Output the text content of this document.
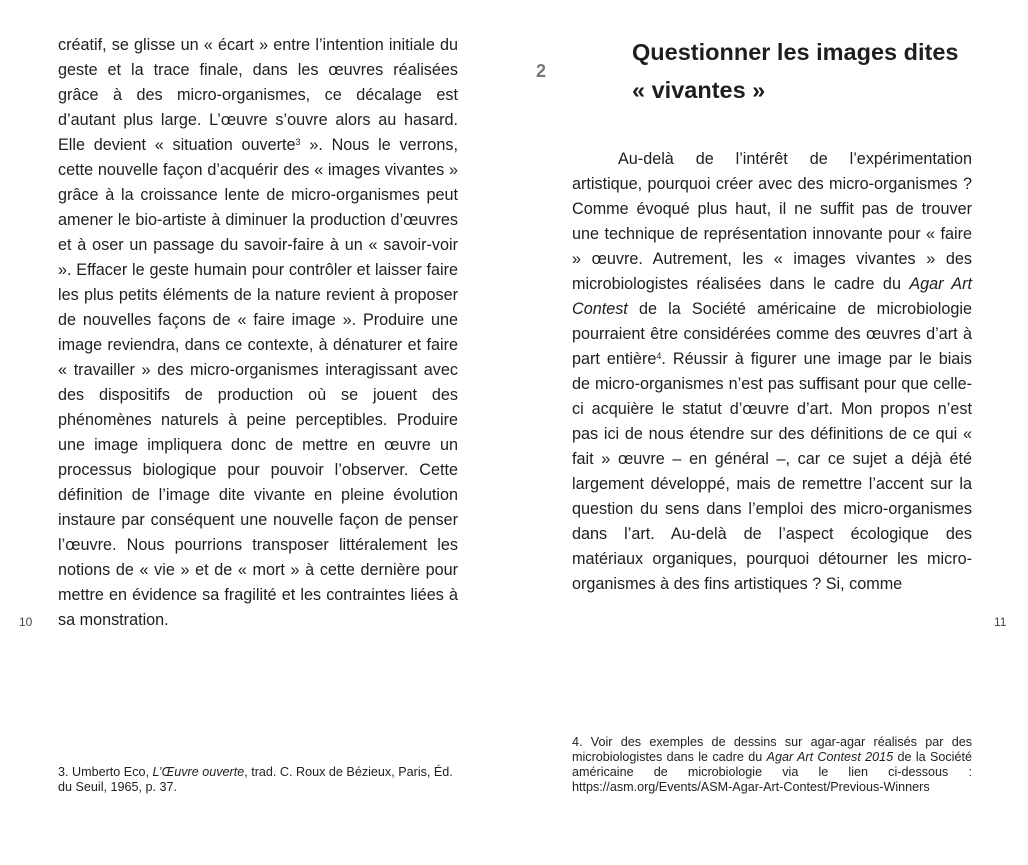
créatif, se glisse un « écart » entre l’intention initiale du geste et la trace finale, dans les œuvres réalisées grâce à des micro-organismes, ce décalage est d’autant plus large. L’œuvre s’ouvre alors au hasard. Elle devient « situation ouverte$^3$ ». Nous le verrons, cette nouvelle façon d’acquérir des « images vivantes » grâce à la croissance lente de micro-organismes peut amener le bio-artiste à diminuer la production d’œuvres et à oser un passage du savoir-faire à un « savoir-voir ». Effacer le geste humain pour contrôler et laisser faire les plus petits éléments de la nature revient à proposer de nouvelles façons de « faire image ». Produire une image reviendra, dans ce contexte, à dénaturer et faire « travailler » des micro-organismes interagissant avec des dispositifs de production où se jouent des phénomènes naturels à peine perceptibles. Produire une image impliquera donc de mettre en œuvre un processus biologique pour pouvoir l’observer. Cette définition de l’image dite vivante en pleine évolution instaure par conséquent une nouvelle façon de penser l’œuvre. Nous pourrions transposer littéralement les notions de « vie » et de « mort » à cette dernière pour mettre en évidence sa fragilité et les contraintes liées à sa monstration.

10

3. Umberto Eco, L’Œuvre ouverte, trad. C. Roux de Bézieux, Paris, Éd. du Seuil, 1965, p. 37.

2
Questionner les images dites « vivantes »

Au-delà de l’intérêt de l’expérimentation artistique, pourquoi créer avec des micro-organismes ? Comme évoqué plus haut, il ne suffit pas de trouver une technique de représentation innovante pour « faire » œuvre. Autrement, les « images vivantes » des microbiologistes réalisées dans le cadre du Agar Art Contest de la Société américaine de microbiologie pourraient être considérées comme des œuvres d’art à part entière$^4$. Réussir à figurer une image par le biais de micro-organismes n’est pas suffisant pour que celle-ci acquière le statut d’œuvre d’art. Mon propos n’est pas ici de nous étendre sur des définitions de ce qui « fait » œuvre – en général –, car ce sujet a déjà été largement développé, mais de remettre l’accent sur la question du sens dans l’emploi des micro-organismes dans l’art. Au-delà de l’aspect écologique des matériaux organiques, pourquoi détourner les micro-organismes à des fins artistiques ? Si, comme

11

4. Voir des exemples de dessins sur agar-agar réalisés par des microbiologistes dans le cadre du Agar Art Contest 2015 de la Société américaine de microbiologie via le lien ci-dessous : https://asm.org/Events/ASM-Agar-Art-Contest/Previous-Winners
